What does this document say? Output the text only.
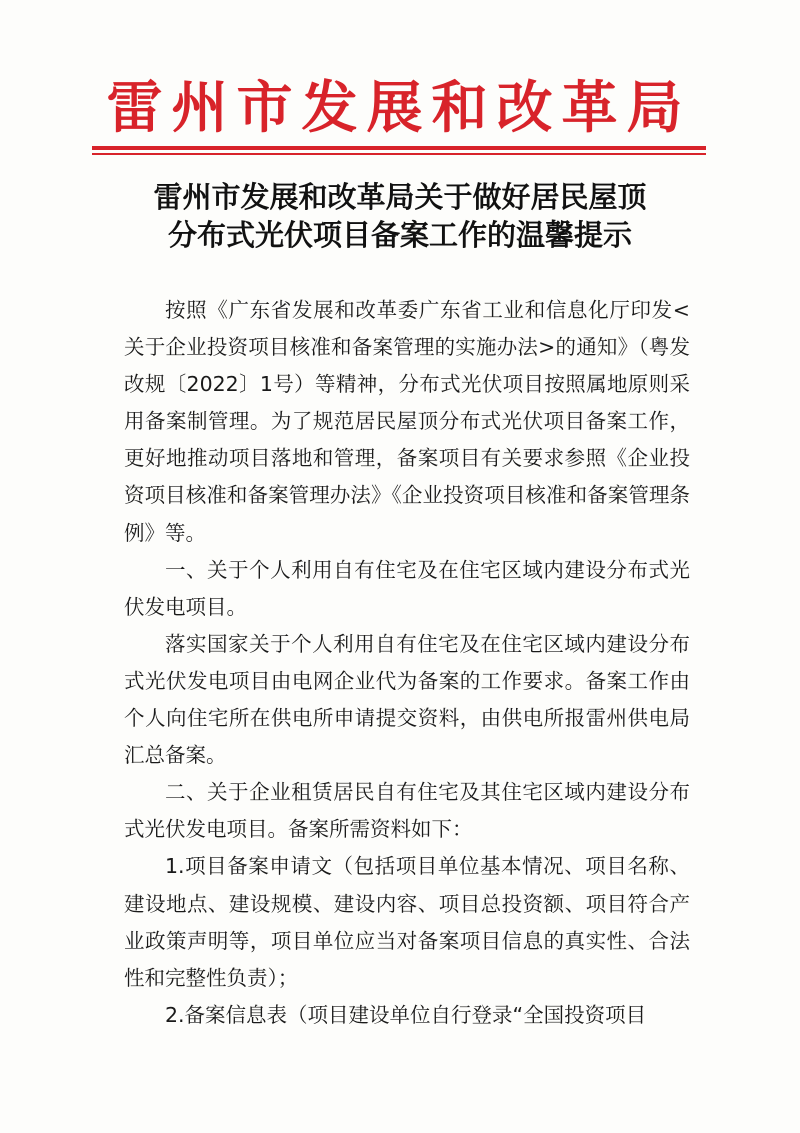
雷州市发展和改革局
雷州市发展和改革局关于做好居民屋顶
分布式光伏项目备案工作的温馨提示

按照《广东省发展和改革委广东省工业和信息化厅印发<关于企业投资项目核准和备案管理的实施办法>的通知》（粤发改规〔2022〕1号）等精神，分布式光伏项目按照属地原则采用备案制管理。为了规范居民屋顶分布式光伏项目备案工作，更好地推动项目落地和管理，备案项目有关要求参照《企业投资项目核准和备案管理办法》《企业投资项目核准和备案管理条例》等。

一、关于个人利用自有住宅及在住宅区域内建设分布式光伏发电项目。

落实国家关于个人利用自有住宅及在住宅区域内建设分布式光伏发电项目由电网企业代为备案的工作要求。备案工作由个人向住宅所在供电所申请提交资料，由供电所报雷州供电局汇总备案。

二、关于企业租赁居民自有住宅及其住宅区域内建设分布式光伏发电项目。备案所需资料如下：

1.项目备案申请文（包括项目单位基本情况、项目名称、建设地点、建设规模、建设内容、项目总投资额、项目符合产业政策声明等，项目单位应当对备案项目信息的真实性、合法性和完整性负责）；

2.备案信息表（项目建设单位自行登录“全国投资项目
